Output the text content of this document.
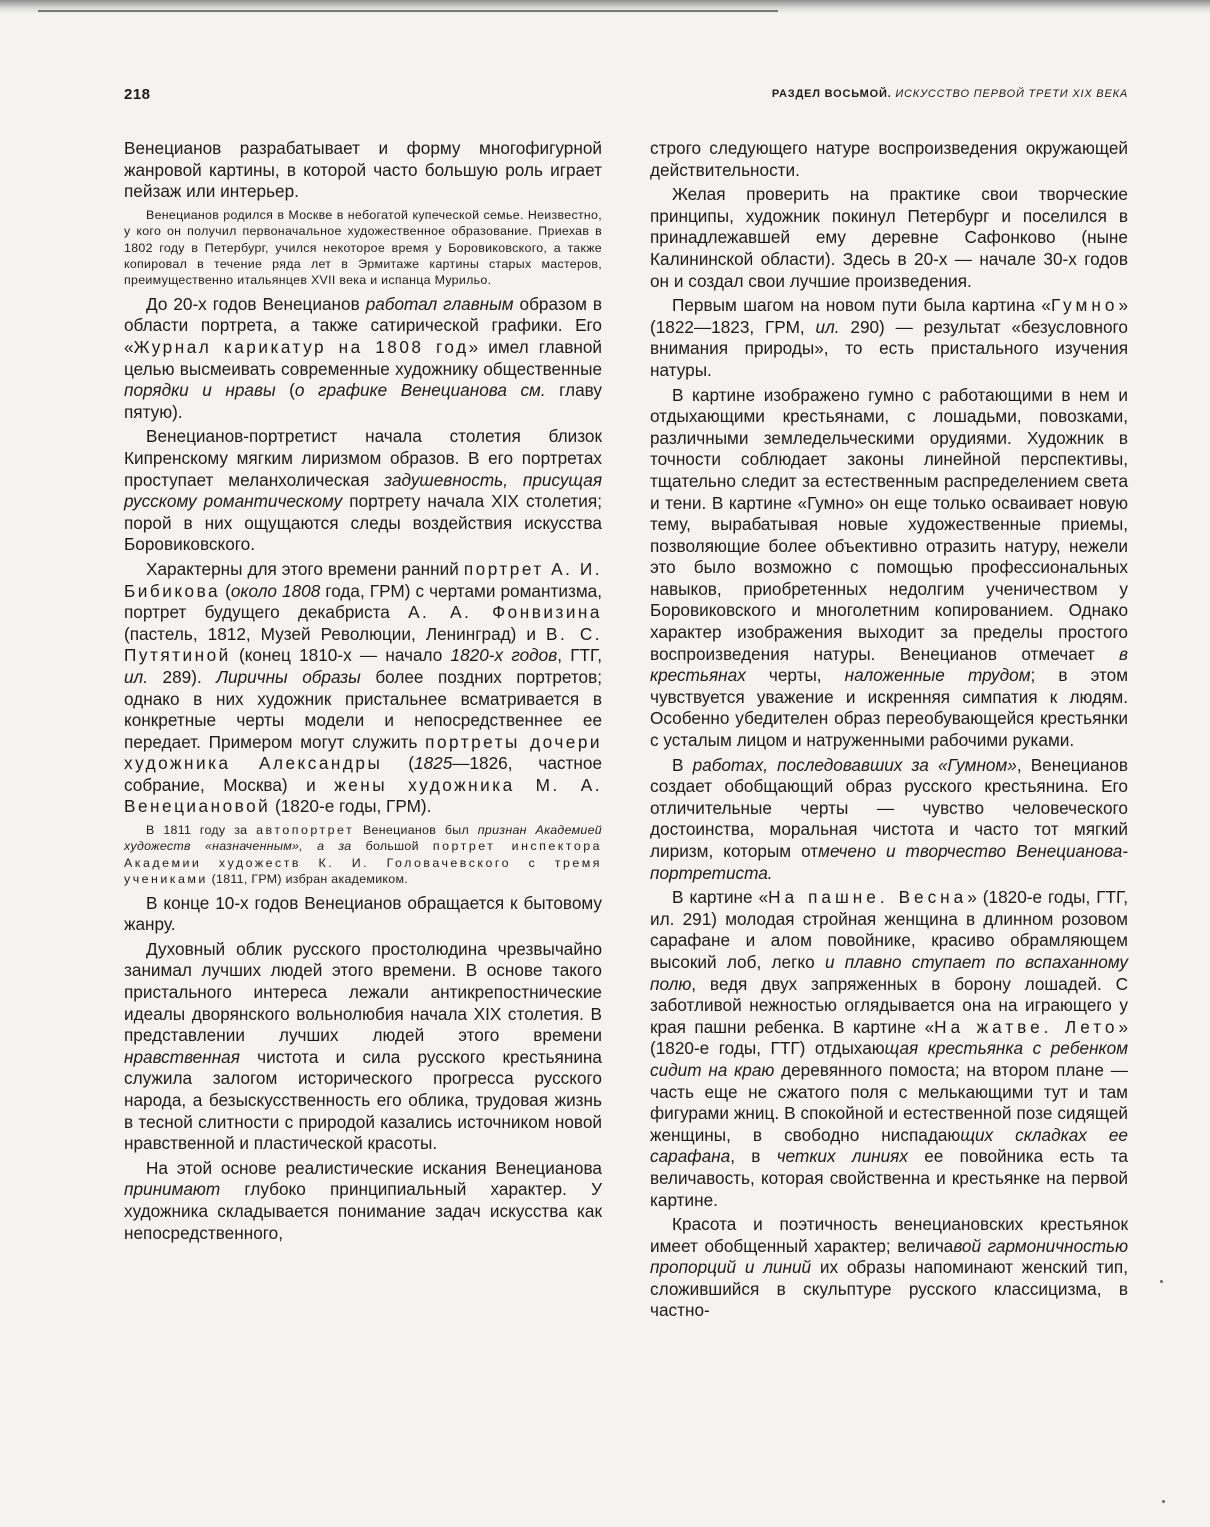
218	РАЗДЕЛ ВОСЬМОЙ. ИСКУССТВО ПЕРВОЙ ТРЕТИ XIX ВЕКА

Венецианов разрабатывает и форму многофигурной жанровой картины, в которой часто большую роль играет пейзаж или интерьер.

Венецианов родился в Москве в небогатой купеческой семье. Неизвестно, у кого он получил первоначальное художественное образование. Приехав в 1802 году в Петербург, учился некоторое время у Боровиковского, а также копировал в течение ряда лет в Эрмитаже картины старых мастеров, преимущественно итальянцев XVII века и испанца Мурильо.

До 20-х годов Венецианов работал главным образом в области портрета, а также сатирической графики. Его «Журнал карикатур на 1808 год» имел главной целью высмеивать современные художнику общественные порядки и нравы (о графике Венецианова см. главу пятую).

Венецианов-портретист начала столетия близок Кипренскому мягким лиризмом образов. В его портретах проступает меланхолическая задушевность, присущая русскому романтическому портрету начала XIX столетия; порой в них ощущаются следы воздействия искусства Боровиковского.

Характерны для этого времени ранний портрет А. И. Бибикова (около 1808 года, ГРМ) с чертами романтизма, портрет будущего декабриста А. А. Фонвизина (пастель, 1812, Музей Революции, Ленинград) и В. С. Путятиной (конец 1810-х — начало 1820-х годов, ГТГ, ил. 289). Лиричны образы более поздних портретов; однако в них художник пристальнее всматривается в конкретные черты модели и непосредственнее ее передает. Примером могут служить портреты дочери художника Александры (1825—1826, частное собрание, Москва) и жены художника М. А. Венециановой (1820-е годы, ГРМ).

В 1811 году за автопортрет Венецианов был признан Академией художеств «назначенным», а за большой портрет инспектора Академии художеств К. И. Головачевского с тремя учениками (1811, ГРМ) избран академиком.

В конце 10-х годов Венецианов обращается к бытовому жанру.

Духовный облик русского простолюдина чрезвычайно занимал лучших людей этого времени. В основе такого пристального интереса лежали антикрепостнические идеалы дворянского вольнолюбия начала XIX столетия. В представлении лучших людей этого времени нравственная чистота и сила русского крестьянина служила залогом исторического прогресса русского народа, а безыскусственность его облика, трудовая жизнь в тесной слитности с природой казались источником новой нравственной и пластической красоты.

На этой основе реалистические искания Венецианова принимают глубоко принципиальный характер. У художника складывается понимание задач искусства как непосредственного,

строго следующего натуре воспроизведения окружающей действительности.

Желая проверить на практике свои творческие принципы, художник покинул Петербург и поселился в принадлежавшей ему деревне Сафонково (ныне Калининской области). Здесь в 20-х — начале 30-х годов он и создал свои лучшие произведения.

Первым шагом на новом пути была картина «Гумно» (1822—1823, ГРМ, ил. 290) — результат «безусловного внимания природы», то есть пристального изучения натуры.

В картине изображено гумно с работающими в нем и отдыхающими крестьянами, с лошадьми, повозками, различными земледельческими орудиями. Художник в точности соблюдает законы линейной перспективы, тщательно следит за естественным распределением света и тени. В картине «Гумно» он еще только осваивает новую тему, вырабатывая новые художественные приемы, позволяющие более объективно отразить натуру, нежели это было возможно с помощью профессиональных навыков, приобретенных недолгим ученичеством у Боровиковского и многолетним копированием. Однако характер изображения выходит за пределы простого воспроизведения натуры. Венецианов отмечает в крестьянах черты, наложенные трудом; в этом чувствуется уважение и искренняя симпатия к людям. Особенно убедителен образ переобувающейся крестьянки с усталым лицом и натруженными рабочими руками.

В работах, последовавших за «Гумном», Венецианов создает обобщающий образ русского крестьянина. Его отличительные черты — чувство человеческого достоинства, моральная чистота и часто тот мягкий лиризм, которым отмечено и творчество Венецианова-портретиста.

В картине «На пашне. Весна» (1820-е годы, ГТГ, ил. 291) молодая стройная женщина в длинном розовом сарафане и алом повойнике, красиво обрамляющем высокий лоб, легко и плавно ступает по вспаханному полю, ведя двух запряженных в борону лошадей. С заботливой нежностью оглядывается она на играющего у края пашни ребенка. В картине «На жатве. Лето» (1820-е годы, ГТГ) отдыхающая крестьянка с ребенком сидит на краю деревянного помоста; на втором плане — часть еще не сжатого поля с мелькающими тут и там фигурами жниц. В спокойной и естественной позе сидящей женщины, в свободно ниспадающих складках ее сарафана, в четких линиях ее повойника есть та величавость, которая свойственна и крестьянке на первой картине.

Красота и поэтичность венециановских крестьянок имеет обобщенный характер; величавой гармоничностью пропорций и линий их образы напоминают женский тип, сложившийся в скульптуре русского классицизма, в частно-
